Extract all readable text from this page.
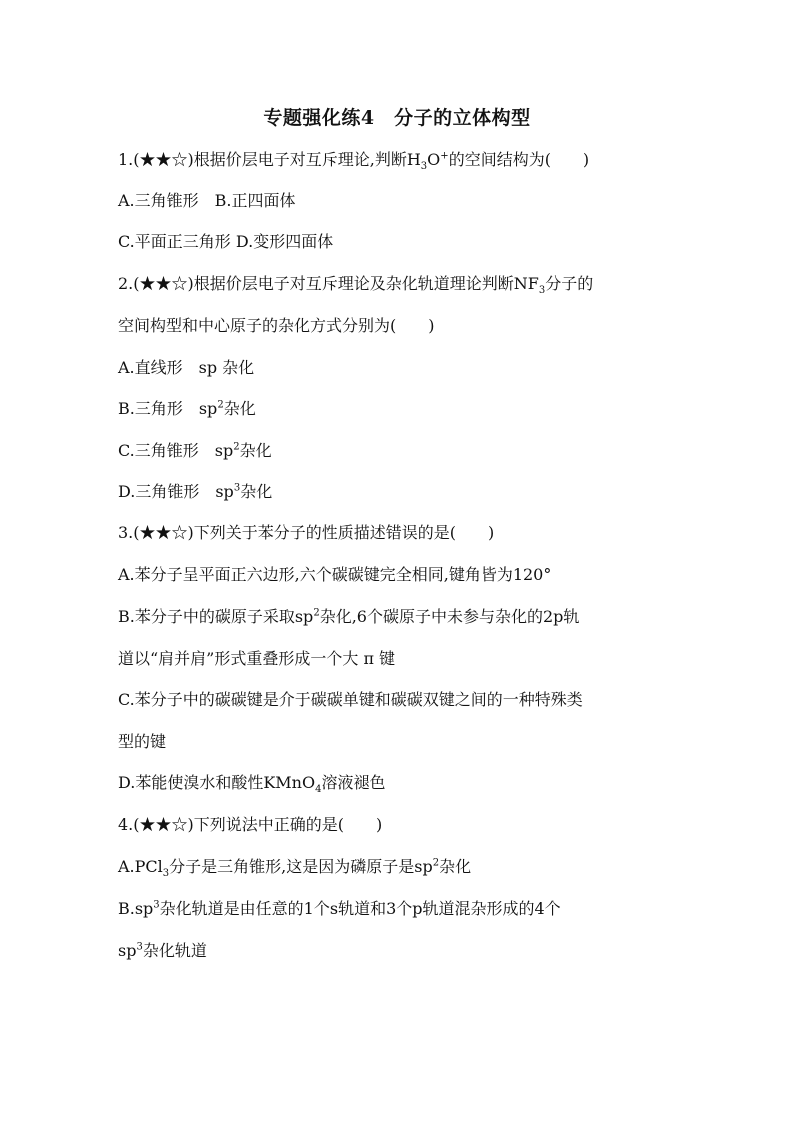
专题强化练4　分子的立体构型
1.(★★☆)根据价层电子对互斥理论,判断$H_3O^+$的空间结构为(　　)
A.三角锥形　B.正四面体
C.平面正三角形 D.变形四面体
2.(★★☆)根据价层电子对互斥理论及杂化轨道理论判断$NF_3$分子的
空间构型和中心原子的杂化方式分别为(　　)
A.直线形　sp 杂化
B.三角形　$sp^2$杂化
C.三角锥形　$sp^2$杂化
D.三角锥形　$sp^3$杂化
3.(★★☆)下列关于苯分子的性质描述错误的是(　　)
A.苯分子呈平面正六边形,六个碳碳键完全相同,键角皆为120°
B.苯分子中的碳原子采取$sp^2$杂化,6个碳原子中未参与杂化的2p轨
道以“肩并肩”形式重叠形成一个大 π 键
C.苯分子中的碳碳键是介于碳碳单键和碳碳双键之间的一种特殊类
型的键
D.苯能使溴水和酸性KMnO$_4$溶液褪色
4.(★★☆)下列说法中正确的是(　　)
A.PCl$_3$分子是三角锥形,这是因为磷原子是$sp^2$杂化
$B.sp^3$杂化轨道是由任意的1个s轨道和3个p轨道混杂形成的4个
$sp^3$杂化轨道
